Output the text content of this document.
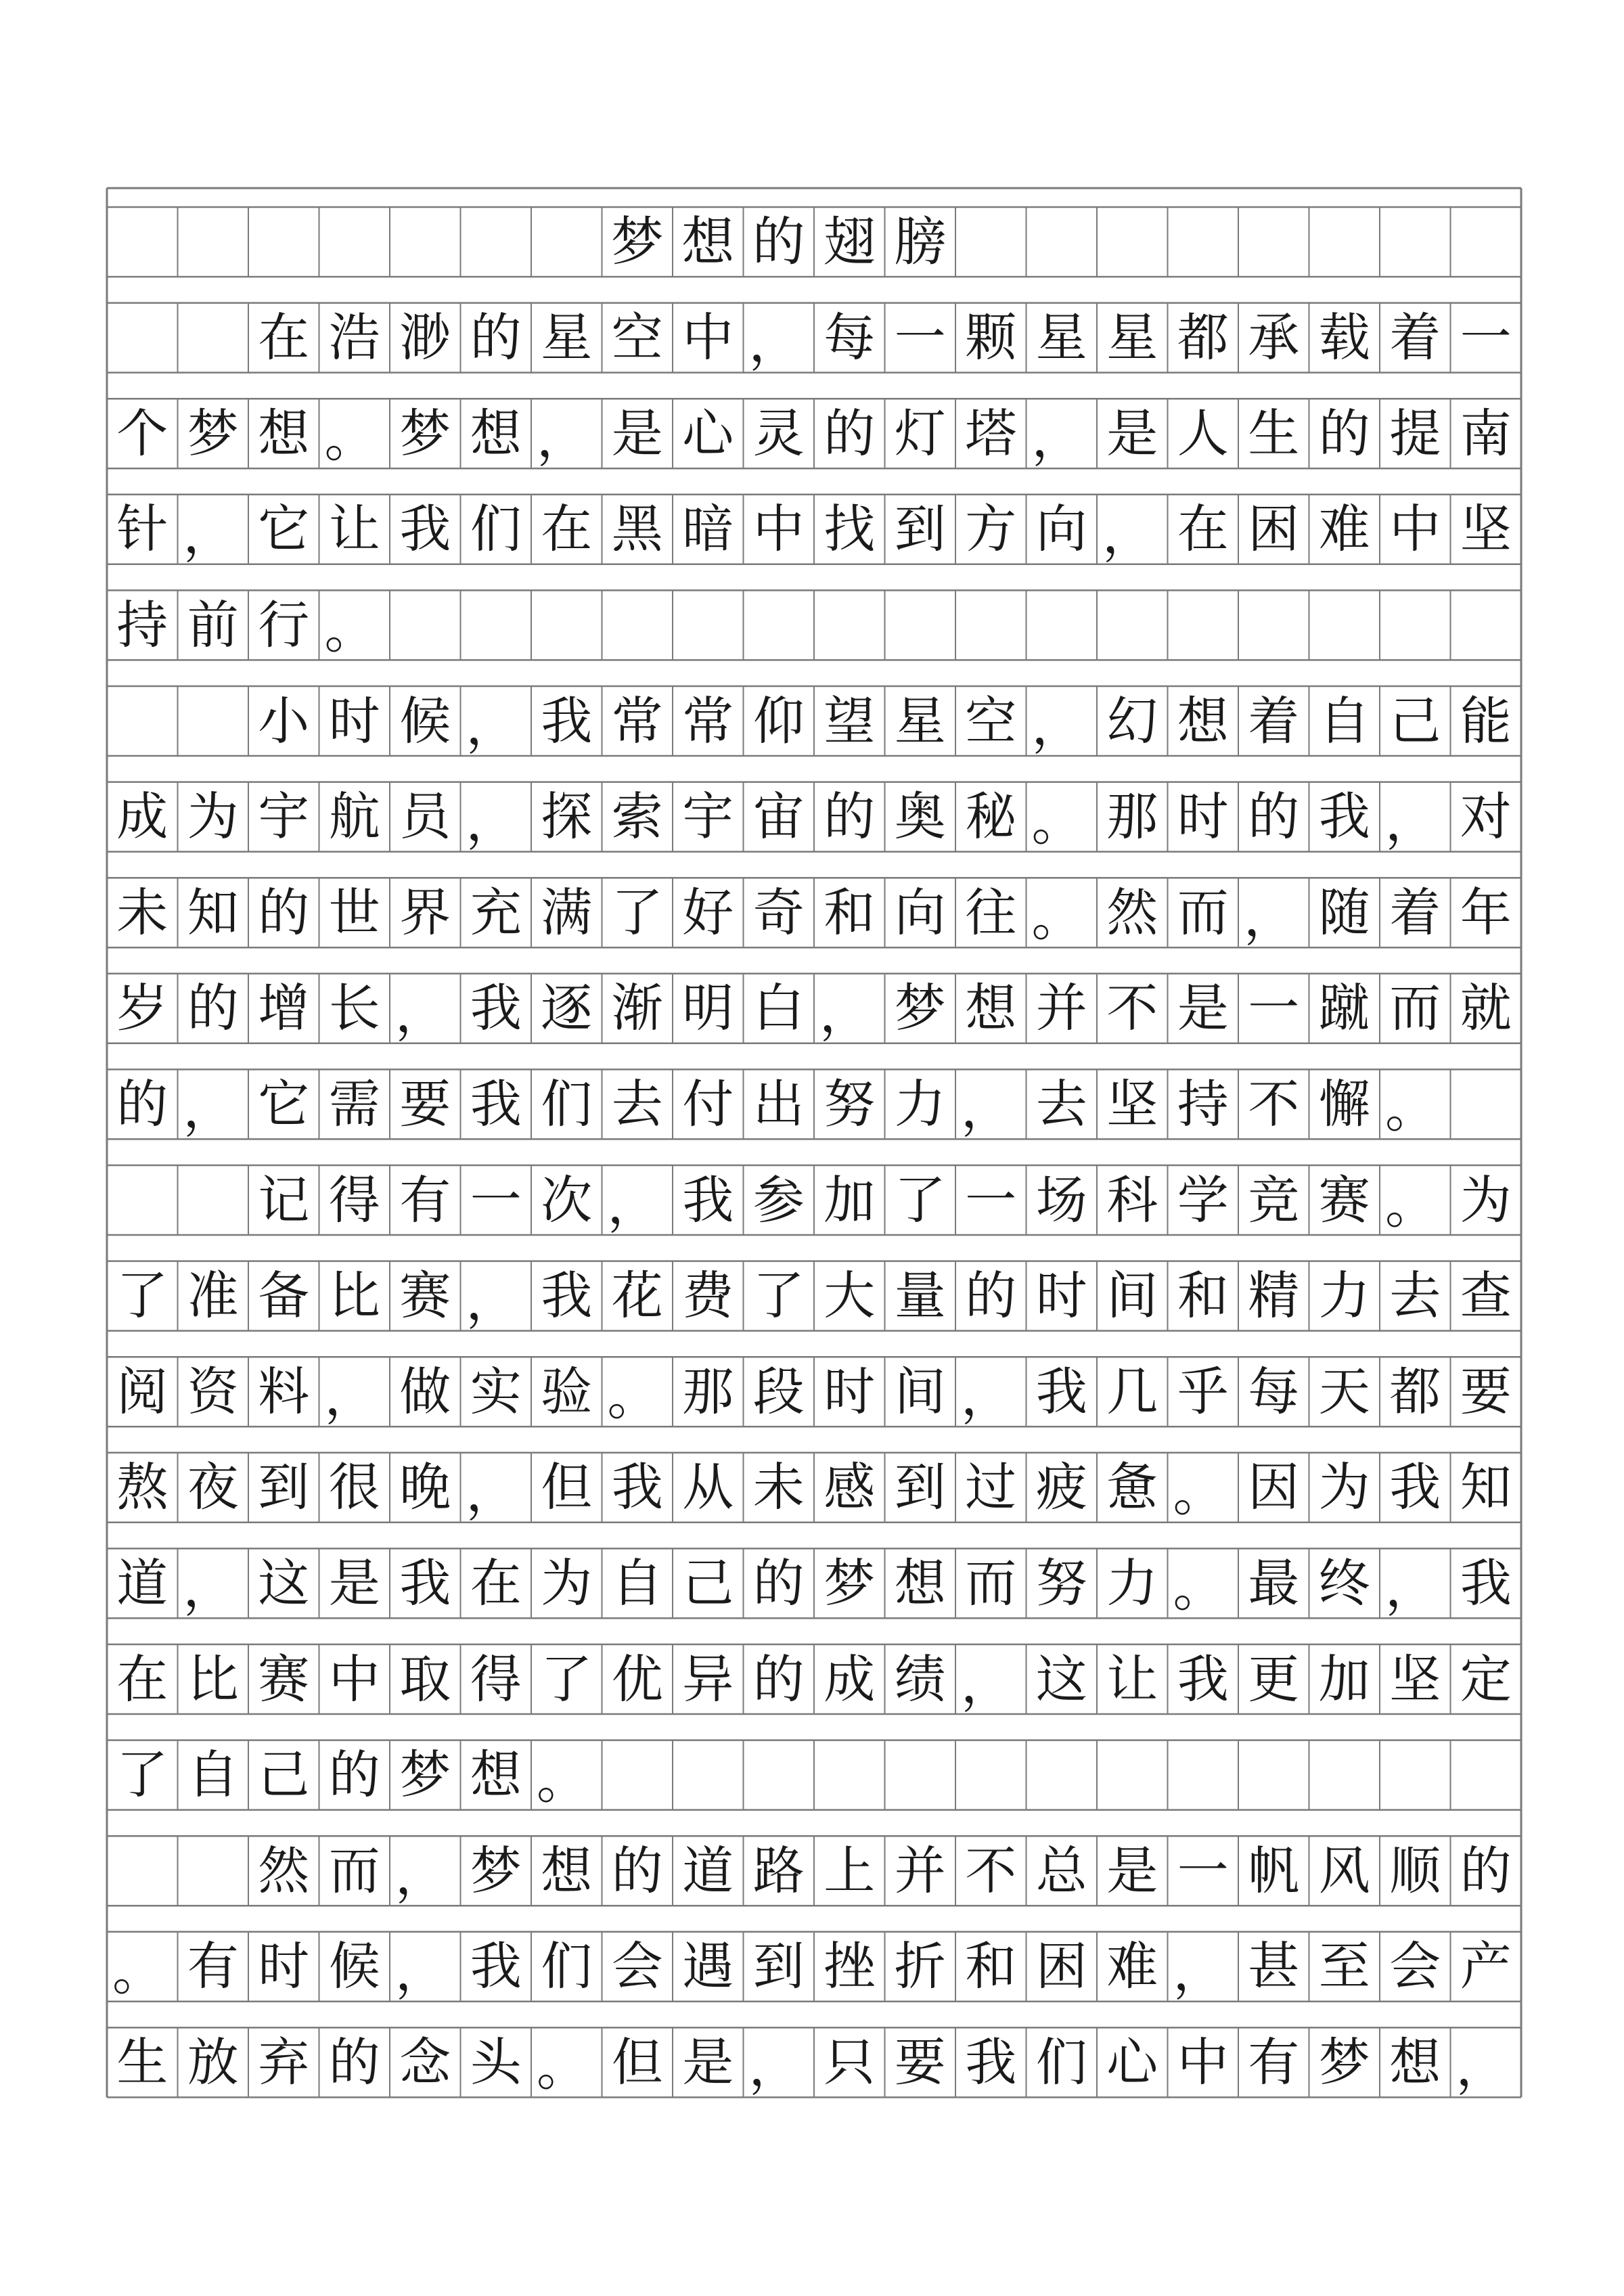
梦 想 的 翅 膀
在 浩 渺 的 星 空 中 ， 每 一 颗 星 星 都 承 载 着 一
个 梦 想 。 梦 想 ， 是 心 灵 的 灯 塔 ， 是 人 生 的 提 南
针 ， 它 让 我 们 在 黑 暗 中 找 到 方 向 ， 在 困 难 中 坚
持 前 行 。
小 时 候 ， 我 常 常 仰 望 星 空 ， 幻 想 着 自 己 能
成 为 宇 航 员 ， 探 索 宇 宙 的 奥 秘 。 那 时 的 我 ， 对
未 知 的 世 界 充 满 了 好 奇 和 向 往 。 然 而 ， 随 着 年
岁 的 增 长 ， 我 逐 渐 明 白 ， 梦 想 并 不 是 一 蹴 而 就
的 ， 它 需 要 我 们 去 付 出 努 力 ， 去 坚 持 不 懈 。
记 得 有 一 次 ， 我 参 加 了 一 场 科 学 竞 赛 。 为
了 准 备 比 赛 ， 我 花 费 了 大 量 的 时 间 和 精 力 去 查
阅 资 料 ， 做 实 验 。 那 段 时 间 ， 我 几 乎 每 天 都 要
熬 夜 到 很 晚 ， 但 我 从 未 感 到 过 疲 惫 。 因 为 我 知
道 ， 这 是 我 在 为 自 己 的 梦 想 而 努 力 。 最 终 ， 我
在 比 赛 中 取 得 了 优 异 的 成 绩 ， 这 让 我 更 加 坚 定
了 自 己 的 梦 想 。
然 而 ， 梦 想 的 道 路 上 并 不 总 是 一 帆 风 顺 的
。 有 时 候 ， 我 们 会 遇 到 挫 折 和 困 难 ， 甚 至 会 产
生 放 弃 的 念 头 。 但 是 ， 只 要 我 们 心 中 有 梦 想 ，
